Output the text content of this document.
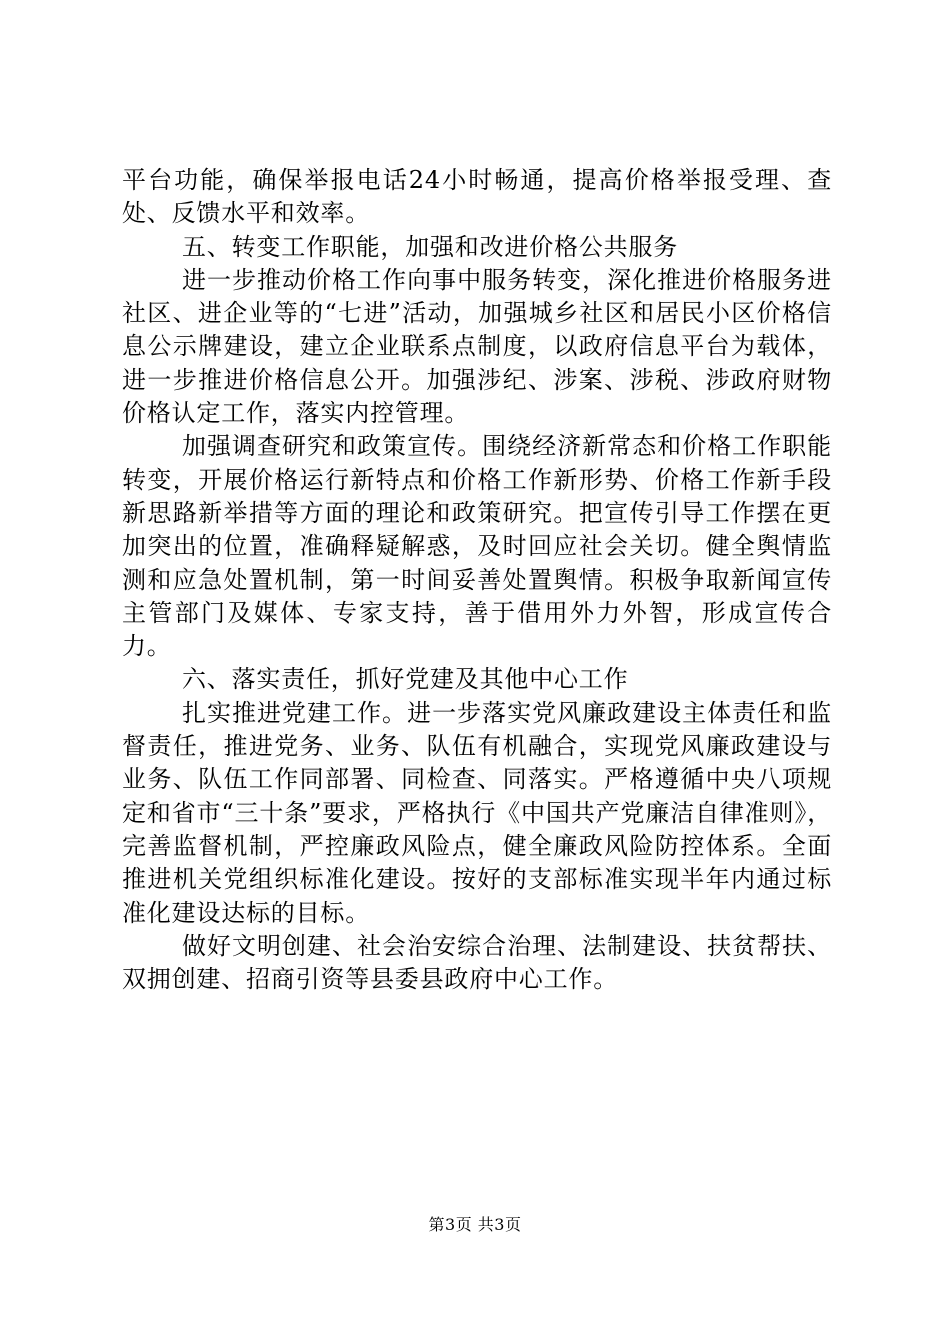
平台功能，确保举报电话24小时畅通，提高价格举报受理、查处、反馈水平和效率。

五、转变工作职能，加强和改进价格公共服务

进一步推动价格工作向事中服务转变，深化推进价格服务进社区、进企业等的“七进”活动，加强城乡社区和居民小区价格信息公示牌建设，建立企业联系点制度，以政府信息平台为载体，进一步推进价格信息公开。加强涉纪、涉案、涉税、涉政府财物价格认定工作，落实内控管理。

加强调查研究和政策宣传。围绕经济新常态和价格工作职能转变，开展价格运行新特点和价格工作新形势、价格工作新手段新思路新举措等方面的理论和政策研究。把宣传引导工作摆在更加突出的位置，准确释疑解惑，及时回应社会关切。健全舆情监测和应急处置机制，第一时间妥善处置舆情。积极争取新闻宣传主管部门及媒体、专家支持，善于借用外力外智，形成宣传合力。

六、落实责任，抓好党建及其他中心工作

扎实推进党建工作。进一步落实党风廉政建设主体责任和监督责任，推进党务、业务、队伍有机融合，实现党风廉政建设与业务、队伍工作同部署、同检查、同落实。严格遵循中央八项规定和省市“三十条”要求，严格执行《中国共产党廉洁自律准则》，完善监督机制，严控廉政风险点，健全廉政风险防控体系。全面推进机关党组织标准化建设。按好的支部标准实现半年内通过标准化建设达标的目标。

做好文明创建、社会治安综合治理、法制建设、扶贫帮扶、双拥创建、招商引资等县委县政府中心工作。

第3页 共3页
